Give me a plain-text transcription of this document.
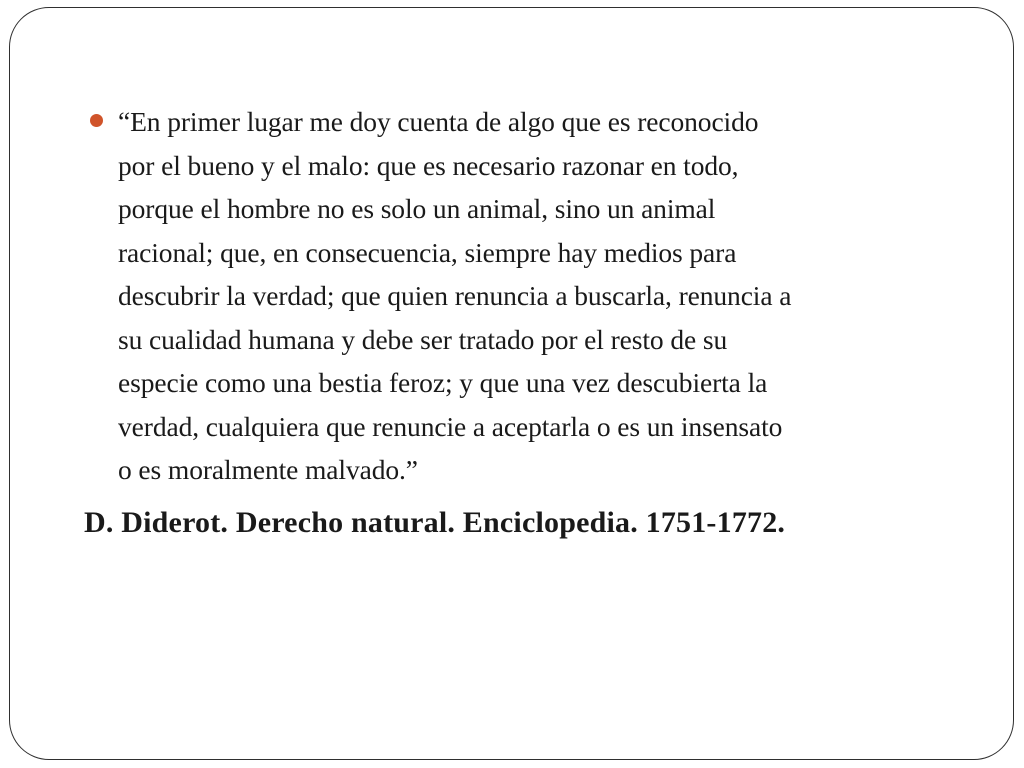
“En primer lugar me doy cuenta de algo que es reconocido
por el bueno y el malo: que es necesario razonar en todo,
porque el hombre no es solo un animal, sino un animal
racional; que, en consecuencia, siempre hay medios para
descubrir la verdad; que quien renuncia a buscarla, renuncia a
su cualidad humana y debe ser tratado por el resto de su
especie como una bestia feroz; y que una vez descubierta la
verdad, cualquiera que renuncie a aceptarla o es un insensato
o es moralmente malvado.”
D. Diderot. Derecho natural. Enciclopedia. 1751-1772.
